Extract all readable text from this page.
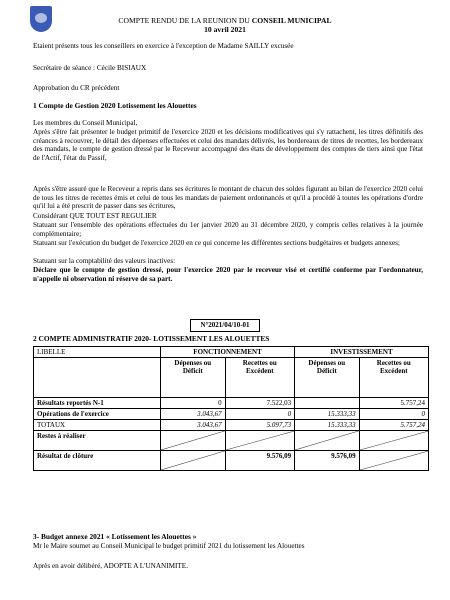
COMPTE RENDU DE LA REUNION DU CONSEIL MUNICIPAL
10 avril 2021
Etaient présents tous les conseillers en exercice à l'exception de Madame SAILLY excusée
Secrétaire de séance : Cécile BISIAUX
Approbation du CR précédent
1 Compte de Gestion 2020 Lotissement les Alouettes
Les membres du Conseil Municipal,
Après s'être fait présenter le budget primitif de l'exercice 2020 et les décisions modificatives qui s'y rattachent, les titres définitifs des créances à recouvrer, le détail des dépenses effectuées et celui des mandats délivrés, les bordereaux de titres de recettes, les bordereaux des mandats, le compte de gestion dressé par le Receveur accompagné des états de développement des comptes de tiers ainsi que l'état de l'Actif, l'état du Passif,
Après s'être assuré que le Receveur a repris dans ses écritures le montant de chacun des soldes figurant au bilan de l'exercice 2020 celui de tous les titres de recettes émis et celui de tous les mandats de paiement ordonnancés et qu'il a procédé à toutes les opérations d'ordre qu'il lui a été prescrit de passer dans ses écritures,
Considérant QUE TOUT EST REGULIER
Statuant sur l'ensemble des opérations effectuées du 1er janvier 2020 au 31 décembre 2020, y compris celles relatives à la journée complémentaire;
Statuant sur l'exécution du budget de l'exercice 2020 en ce qui concerne les différentes sections budgétaires et budgets annexes;
Statuant sur la comptabilité des valeurs inactives:
Déclare que le compte de gestion dressé, pour l'exercice 2020 par le receveur visé et certifié conforme par l'ordonnateur, n'appelle ni observation ni réserve de sa part.
N°2021/04/10-01
2 COMPTE ADMINISTRATIF 2020- LOTISSEMENT LES ALOUETTES
LIBELLE	FONCTIONNEMENT		INVESTISSEMENT	
	Dépenses ou Déficit	Recettes ou Excédent	Dépenses ou Déficit	Recettes ou Excédent
Résultats reportés N-1	0	7.522,03		5.757,24
Opérations de l'exercice	3.043,67	0	15.333,33	0
TOTAUX	3.043,67	5.097,73	15.333,33	5.757,24
Restes à réaliser	

Résultat de clôture		9.576,09	9.576,09	
3- Budget annexe 2021 « Lotissement les Alouettes »
Mr le Maire soumet au Conseil Municipal le budget primitif 2021 du lotissement les Alouettes
Après en avoir délibéré, ADOPTE A L'UNANIMITE.
